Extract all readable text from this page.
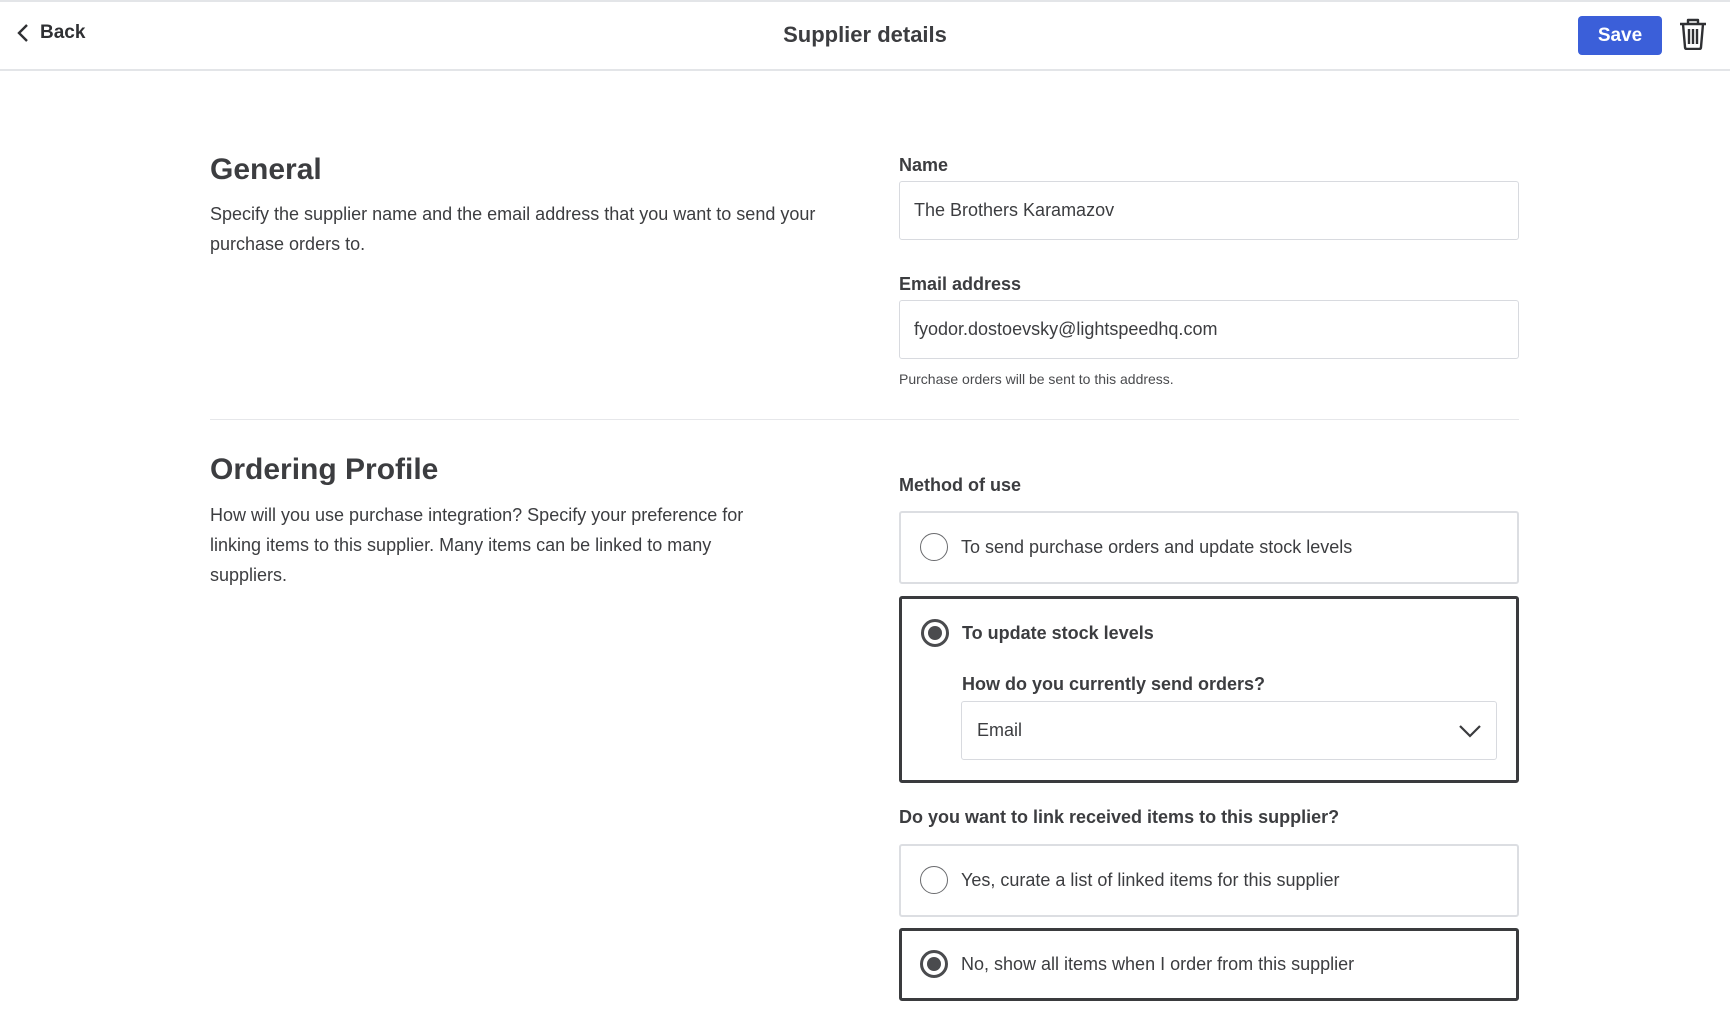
Back	Supplier details	Save
General
Specify the supplier name and the email address that you want to send your purchase orders to.
Name
The Brothers Karamazov
Email address
fyodor.dostoevsky@lightspeedhq.com
Purchase orders will be sent to this address.
Ordering Profile
How will you use purchase integration? Specify your preference for linking items to this supplier. Many items can be linked to many suppliers.
Method of use
To send purchase orders and update stock levels
To update stock levels
How do you currently send orders?
Email
Do you want to link received items to this supplier?
Yes, curate a list of linked items for this supplier
No, show all items when I order from this supplier
